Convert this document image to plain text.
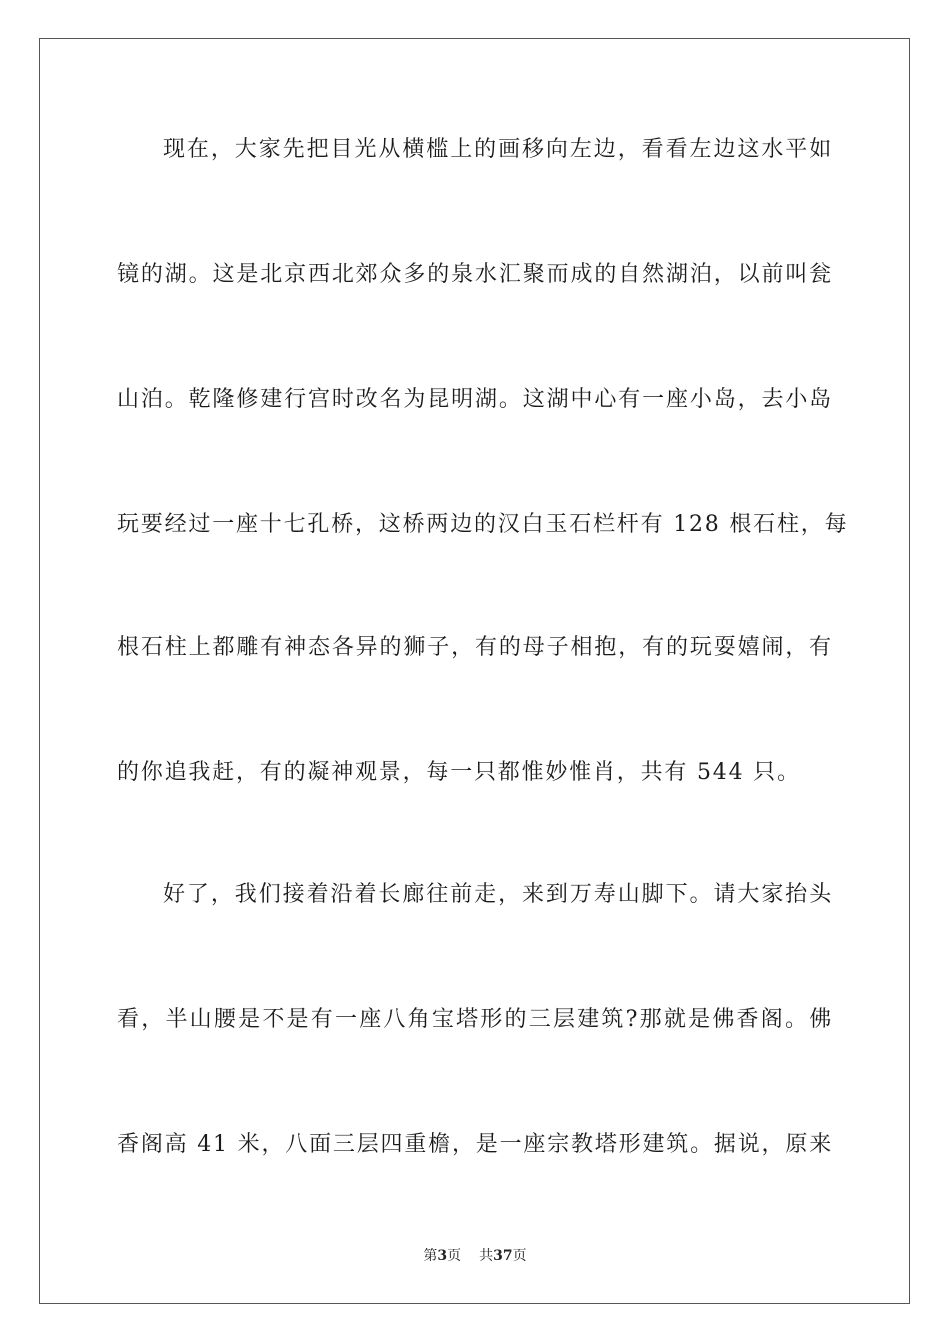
现在，大家先把目光从横槛上的画移向左边，看看左边这水平如
镜的湖。这是北京西北郊众多的泉水汇聚而成的自然湖泊，以前叫瓮
山泊。乾隆修建行宫时改名为昆明湖。这湖中心有一座小岛，去小岛
玩要经过一座十七孔桥，这桥两边的汉白玉石栏杆有 128 根石柱，每
根石柱上都雕有神态各异的狮子，有的母子相抱，有的玩耍嬉闹，有
的你追我赶，有的凝神观景，每一只都惟妙惟肖，共有 544 只。
好了，我们接着沿着长廊往前走，来到万寿山脚下。请大家抬头
看，半山腰是不是有一座八角宝塔形的三层建筑?那就是佛香阁。佛
香阁高 41 米，八面三层四重檐，是一座宗教塔形建筑。据说，原来
第3页 共37页
